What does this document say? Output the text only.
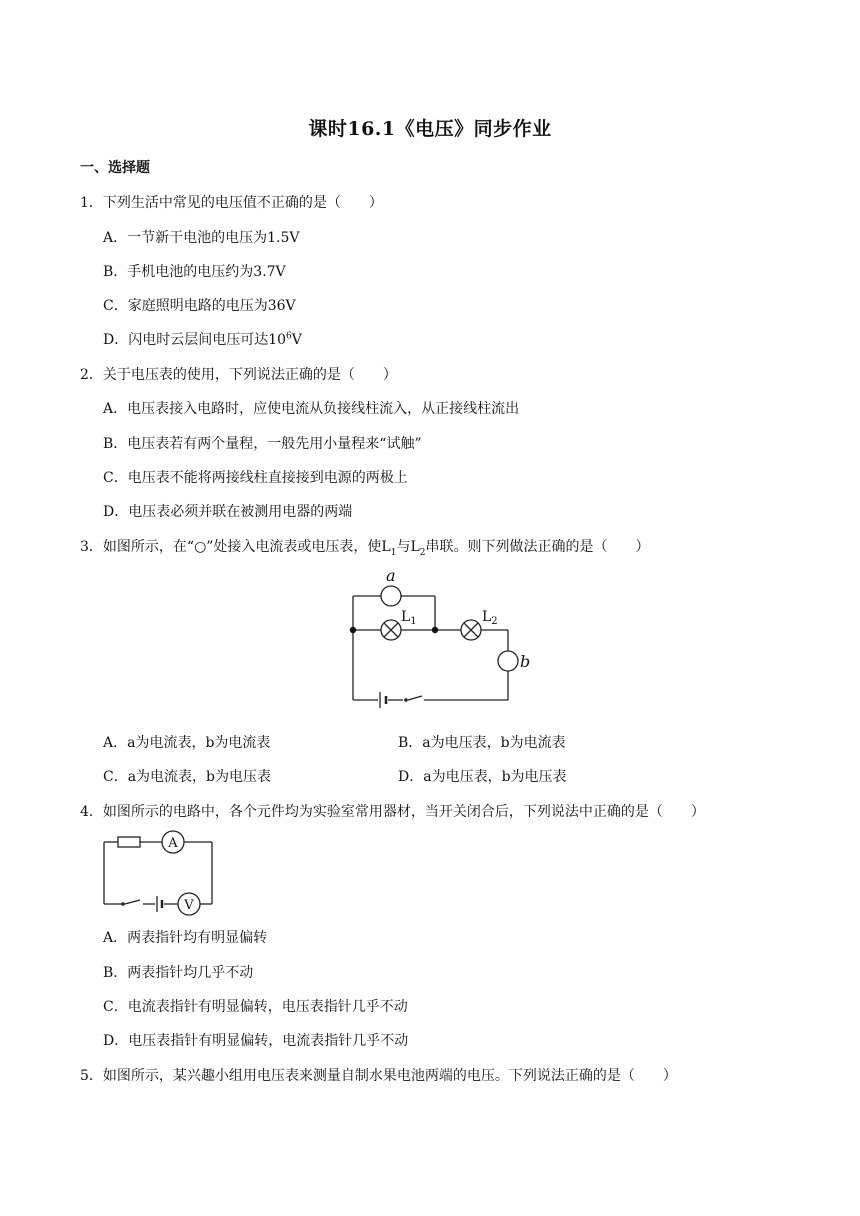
课时16.1《电压》同步作业
一、选择题
1．下列生活中常见的电压值不正确的是（　　）
A．一节新干电池的电压为1.5V
B．手机电池的电压约为3.7V
C．家庭照明电路的电压为36V
D．闪电时云层间电压可达$10^6V$
2．关于电压表的使用，下列说法正确的是（　　）
A．电压表接入电路时，应使电流从负接线柱流入，从正接线柱流出
B．电压表若有两个量程，一般先用小量程来“试触”
C．电压表不能将两接线柱直接接到电源的两极上
D．电压表必须并联在被测用电器的两端
3．如图所示，在“○”处接入电流表或电压表，使$L_1$与$L_2$串联。则下列做法正确的是（　　）
a
$L_1$	$L_2$
b
A．a为电流表，b为电流表	B．a为电压表，b为电流表
C．a为电流表，b为电压表	D．a为电压表，b为电压表
4．如图所示的电路中，各个元件均为实验室常用器材，当开关闭合后，下列说法中正确的是（　　）
A
V
A．两表指针均有明显偏转
B．两表指针均几乎不动
C．电流表指针有明显偏转，电压表指针几乎不动
D．电压表指针有明显偏转，电流表指针几乎不动
5．如图所示，某兴趣小组用电压表来测量自制水果电池两端的电压。下列说法正确的是（　　）
